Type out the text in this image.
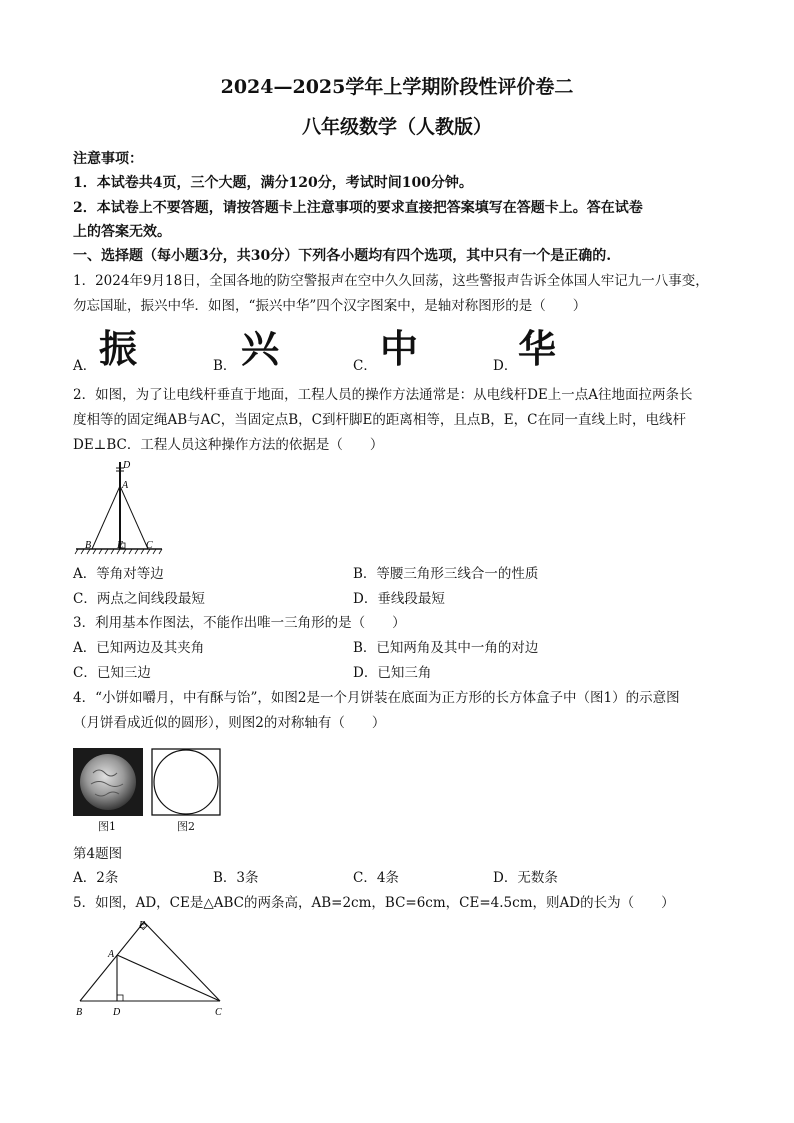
2024—2025学年上学期阶段性评价卷二
八年级数学（人教版）
注意事项：
1．本试卷共4页，三个大题，满分120分，考试时间100分钟。
2．本试卷上不要答题，请按答题卡上注意事项的要求直接把答案填写在答题卡上。答在试卷
上的答案无效。
一、选择题（每小题3分，共30分）下列各小题均有四个选项，其中只有一个是正确的.
1．2024年9月18日，全国各地的防空警报声在空中久久回荡，这些警报声告诉全体国人牢记九一八事变，
勿忘国耻，振兴中华．如图，“振兴中华”四个汉字图案中，是轴对称图形的是（　　）
A． 振	B． 兴	C． 中	D． 华
2．如图，为了让电线杆垂直于地面，工程人员的操作方法通常是：从电线杆DE上一点A往地面拉两条长
度相等的固定绳AB与AC，当固定点B，C到杆脚E的距离相等，且点B，E，C在同一直线上时，电线杆
DE⊥BC．工程人员这种操作方法的依据是（　　）
D
A
B	E C
A．等角对等边	B．等腰三角形三线合一的性质
C．两点之间线段最短	D．垂线段最短
3．利用基本作图法，不能作出唯一三角形的是（　　）
A．已知两边及其夹角	B．已知两角及其中一角的对边
C．已知三边	D．已知三角
4．“小饼如嚼月，中有酥与饴”，如图2是一个月饼装在底面为正方形的长方体盒子中（图1）的示意图
（月饼看成近似的圆形），则图2的对称轴有（　　）
图1	图2
第4题图
A．2条	B．3条	C．4条	D．无数条
5．如图，AD，CE是△ABC的两条高，AB=2cm，BC=6cm，CE=4.5cm，则AD的长为（　　）
E
A
B	D	C
